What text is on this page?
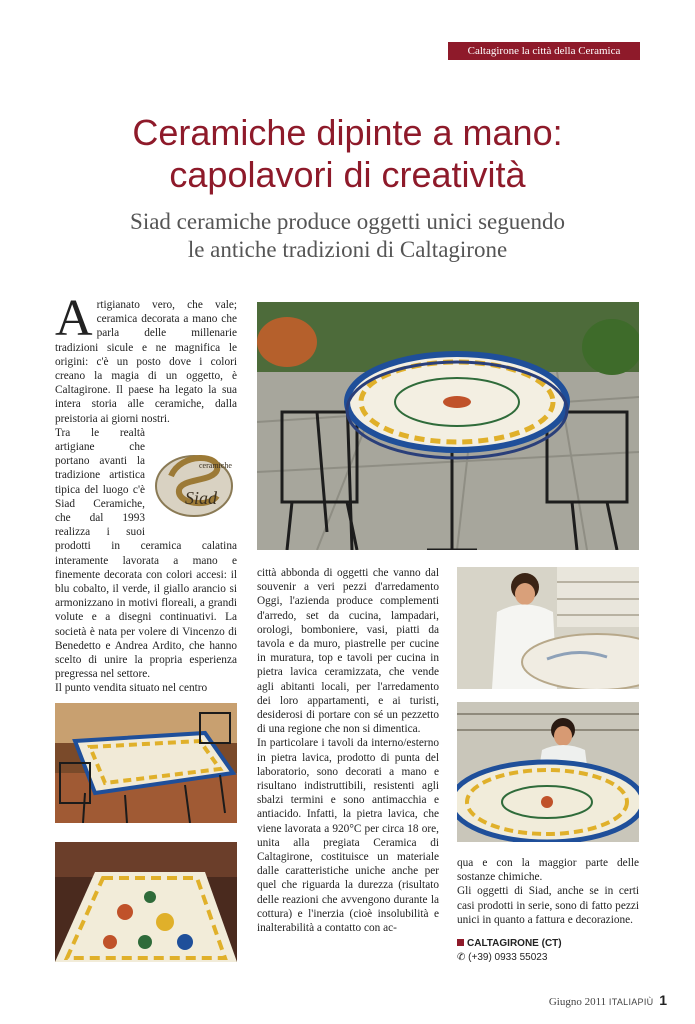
Caltagirone la città della Ceramica
Ceramiche dipinte a mano:
capolavori di creatività
Siad ceramiche produce oggetti unici seguendo
le antiche tradizioni di Caltagirone
A rtigianato vero, che vale; ceramica decorata a mano che parla delle millenarie tradizioni sicule e ne magnifica le origini: c'è un posto dove i colori creano la magia di un oggetto, è Caltagirone. Il paese ha legato la sua intera storia alle ceramiche, dalla preistoria ai giorni nostri.

ceramiche
Siad
Tra le realtà artigiane che portano avanti la tradizione artistica tipica del luogo c'è Siad Ceramiche, che dal 1993 realizza i suoi prodotti in ceramica calatina interamente lavorata a mano e finemente decorata con colori accesi: il blu cobalto, il verde, il giallo arancio si armonizzano in motivi floreali, a grandi volute e a disegni continuativi. La società è nata per volere di Vincenzo di Benedetto e Andrea Ardito, che hanno scelto di unire la propria esperienza pregressa nel settore.

Il punto vendita situato nel centro

città abbonda di oggetti che vanno dal souvenir a veri pezzi d'arredamento Oggi, l'azienda produce complementi d'arredo, set da cucina, lampadari, orologi, bomboniere, vasi, piatti da tavola e da muro, piastrelle per cucine in muratura, top e tavoli per cucina in pietra lavica ceramizzata, che vende agli abitanti locali, per l'arredamento dei loro appartamenti, e ai turisti, desiderosi di portare con sé un pezzetto di una regione che non si dimentica.

In particolare i tavoli da interno/esterno in pietra lavica, prodotto di punta del laboratorio, sono decorati a mano e risultano indistruttibili, resistenti agli sbalzi termini e sono antimacchia e antiacido. Infatti, la pietra lavica, che viene lavorata a 920°C per circa 18 ore, unita alla pregiata Ceramica di Caltagirone, costituisce un materiale dalle caratteristiche uniche anche per quel che riguarda la durezza (risultato delle reazioni che avvengono durante la cottura) e l'inerzia (cioè insolubilità e inalterabilità a contatto con ac-

qua e con la maggior parte delle sostanze chimiche.

Gli oggetti di Siad, anche se in certi casi prodotti in serie, sono di fatto pezzi unici in quanto a fattura e decorazione.

CALTAGIRONE (CT)
✆ (+39) 0933 55023
Giugno 2011 ITALIAPIÙ 1
